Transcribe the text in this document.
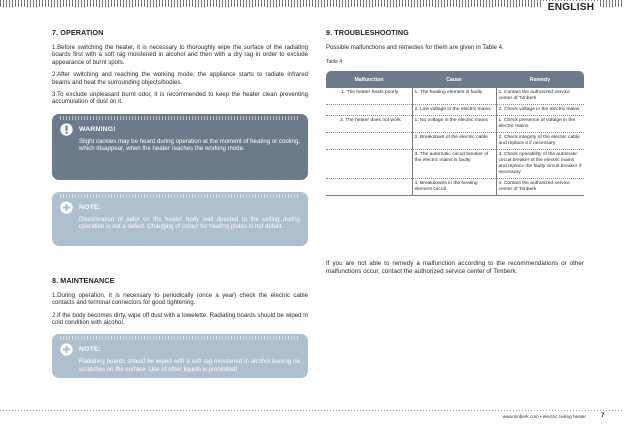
ENGLISH
7. OPERATION

1.Before switching the heater, it is necessary to thoroughly wipe the surface of the radiating boards first with a soft rag moistened in alcohol and then with a dry rag in order to exclude appearance of burnt spots.

2.After switching and reaching the working mode, the appliance starts to radiate infrared beams and heat the surrounding objects/bodies.

3.To exclude unpleasant burnt odor, it is recommended to keep the heater clean preventing accumulation of dust on it.

WARNING!

Slight cackles may be heard during operation at the moment of heating or cooling, which disappear, when the heater reaches the working mode.

NOTE:

Discoloration of paint on the heater body wall directed to the ceiling during operation is not a defect. Changing of colour for heating plates is not defect.

8. MAINTENANCE

1.During operation, it is necessary to periodically (once a year) check the electric cable contacts and terminal connectors for good tightening.

2.If the body becomes dirty, wipe off dust with a towelette. Radiating boards should be wiped in cold condition with alcohol.

NOTE:

Radiating boards should be wiped with a soft rag moistened in alcohol leaving no scratches on the surface. Use of other liquids is prohibited!

9. TROUBLESHOOTING

Possible malfunctions and remedies for them are given in Table 4.

Table 4
Malfunction	Cause	Remedy
1. The heater heats poorly	1. The heating element is faulty	1. Contact the authorized service center of Timberk
	2. Low voltage in the electric mains	2. Check voltage in the electric mains
2. The heater does not work	1. No voltage in the electric mains	1. Check presence of voltage in the electric mains
	2. Breakdown of the electric cable	2. Check integrity of the electric cable and replace it if necessary
	3. The automatic circuit breaker of the electric mains is faulty	3. Check operability of the automatic circuit breaker of the electric mains and replace the faulty circuit breaker if necessary
	4. Breakdowns in the heating element circuit	4. Contact the authorized service center of Timberk

If you are not able to remedy a malfunction according to the recommendations or other malfunctions occur, contact the authorized service center of Timberk.

www.timberk.com • electric ceiling heater	7
